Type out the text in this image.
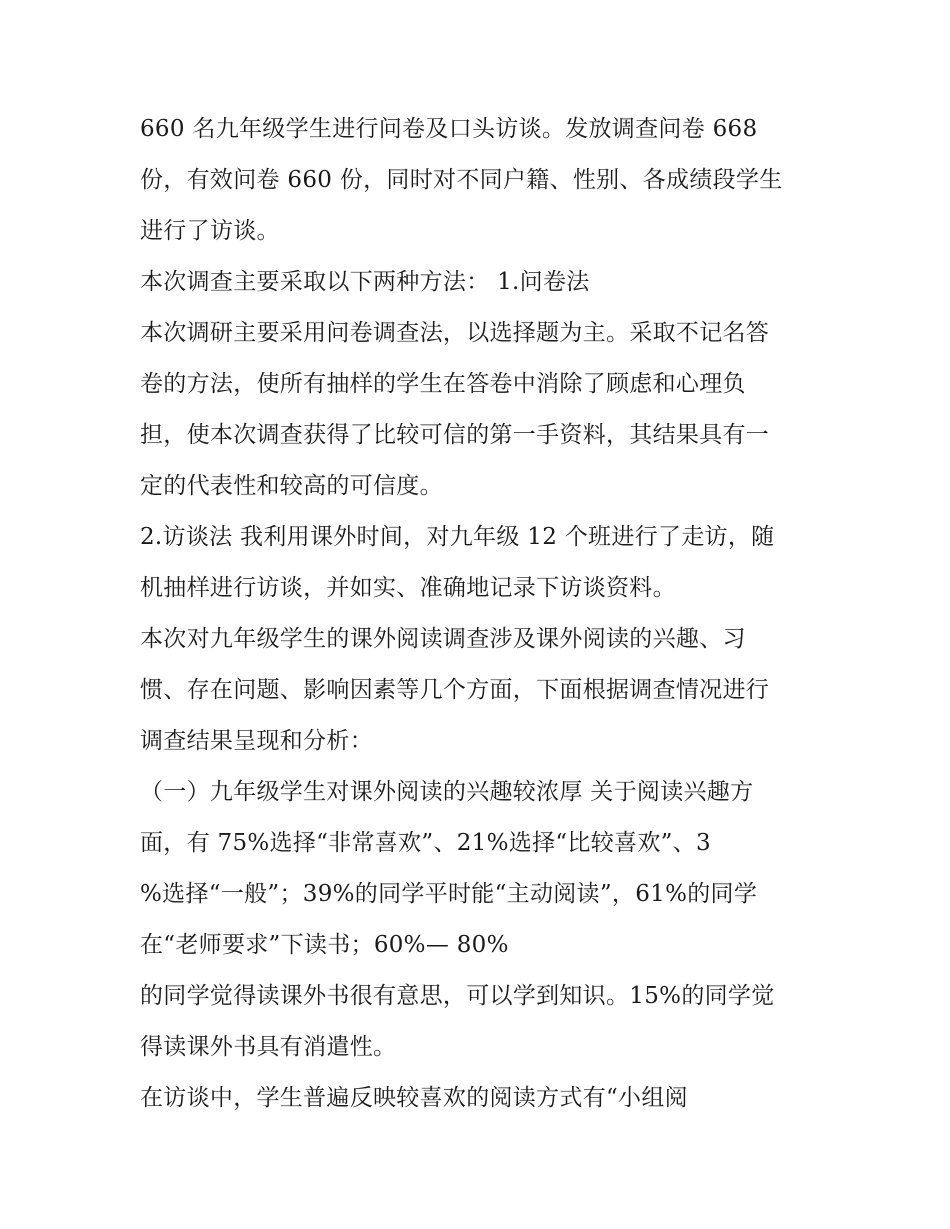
660 名九年级学生进行问卷及口头访谈。发放调查问卷 668
份，有效问卷 660 份，同时对不同户籍、性别、各成绩段学生
进行了访谈。
本次调查主要采取以下两种方法： 1.问卷法
本次调研主要采用问卷调查法，以选择题为主。采取不记名答
卷的方法，使所有抽样的学生在答卷中消除了顾虑和心理负
担，使本次调查获得了比较可信的第一手资料，其结果具有一
定的代表性和较高的可信度。
2.访谈法 我利用课外时间，对九年级 12 个班进行了走访，随
机抽样进行访谈，并如实、准确地记录下访谈资料。
本次对九年级学生的课外阅读调查涉及课外阅读的兴趣、习
惯、存在问题、影响因素等几个方面，下面根据调查情况进行
调查结果呈现和分析：
（一）九年级学生对课外阅读的兴趣较浓厚 关于阅读兴趣方
面，有 75%选择“非常喜欢”、21%选择“比较喜欢”、3
%选择“一般”；39%的同学平时能“主动阅读”，61%的同学
在“老师要求”下读书；60%— 80%
的同学觉得读课外书很有意思，可以学到知识。15%的同学觉
得读课外书具有消遣性。
在访谈中，学生普遍反映较喜欢的阅读方式有“小组阅
